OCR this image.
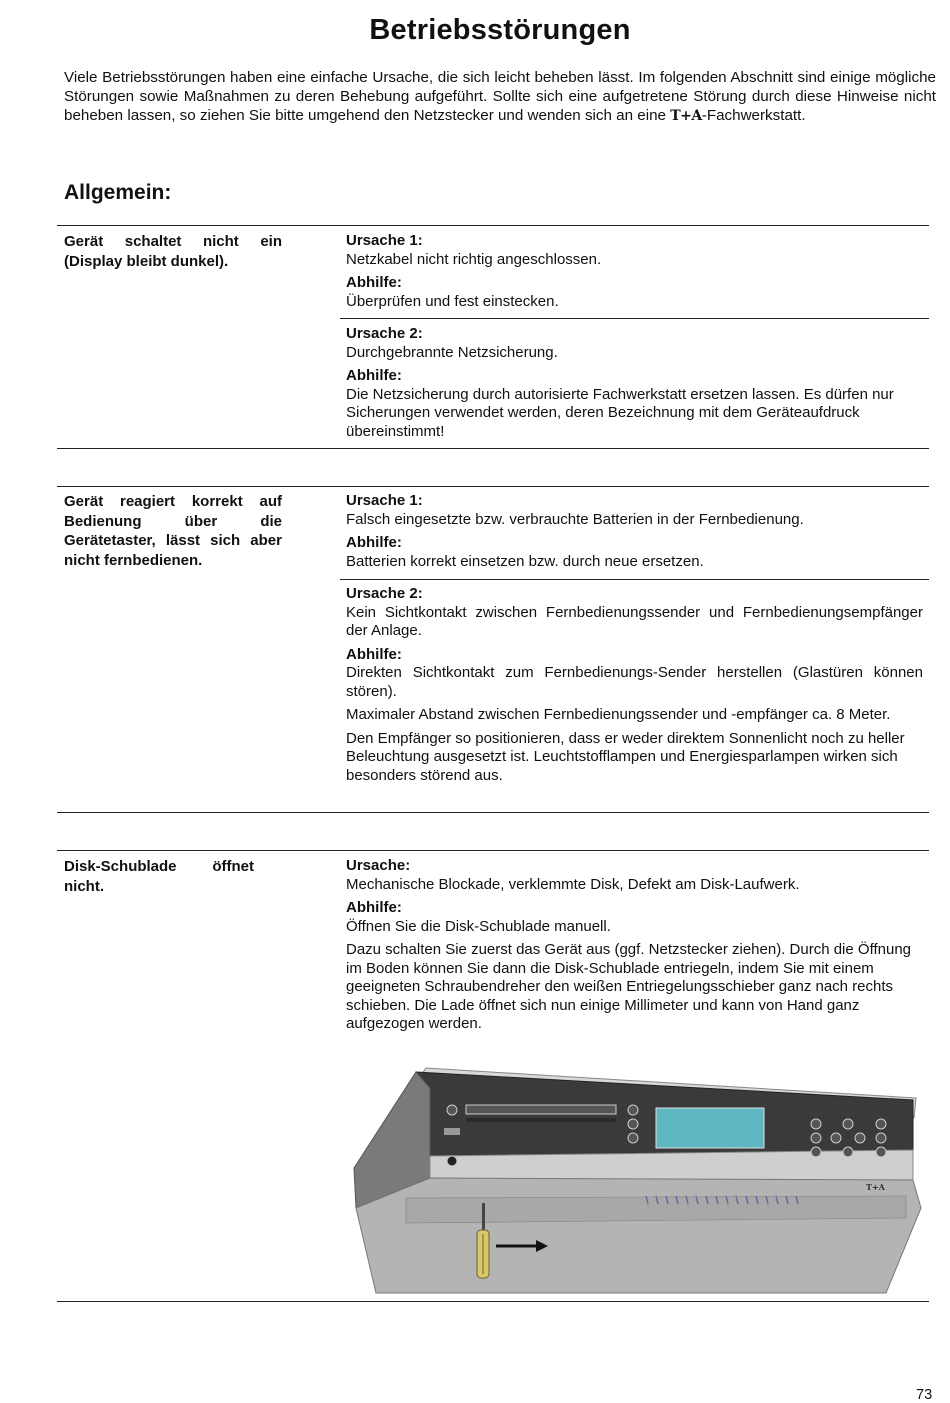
Betriebsstörungen
Viele Betriebsstörungen haben eine einfache Ursache, die sich leicht beheben lässt. Im folgenden Abschnitt sind einige mögliche Störungen sowie Maßnahmen zu deren Behebung aufgeführt. Sollte sich eine aufgetretene Störung durch diese Hinweise nicht beheben lassen, so ziehen Sie bitte umgehend den Netzstecker und wenden sich an eine T+A-Fachwerkstatt.
Allgemein:
Gerät schaltet nicht ein (Display bleibt dunkel).
Ursache 1:
Netzkabel nicht richtig angeschlossen.
Abhilfe:
Überprüfen und fest einstecken.
Ursache 2:
Durchgebrannte Netzsicherung.
Abhilfe:
Die Netzsicherung durch autorisierte Fachwerkstatt ersetzen lassen. Es dürfen nur Sicherungen verwendet werden, deren Bezeichnung mit dem Geräteaufdruck übereinstimmt!
Gerät reagiert korrekt auf Bedienung über die Gerätetaster, lässt sich aber nicht fernbedienen.
Ursache 1:
Falsch eingesetzte bzw. verbrauchte Batterien in der Fernbedienung.
Abhilfe:
Batterien korrekt einsetzen bzw. durch neue ersetzen.
Ursache 2:
Kein Sichtkontakt zwischen Fernbedienungssender und Fernbedienungsempfänger der Anlage.
Abhilfe:
Direkten Sichtkontakt zum Fernbedienungs-Sender herstellen (Glastüren können stören).
Maximaler Abstand zwischen Fernbedienungssender und -empfänger ca. 8 Meter.
Den Empfänger so positionieren, dass er weder direktem Sonnenlicht noch zu heller Beleuchtung ausgesetzt ist. Leuchtstofflampen und Energiesparlampen wirken sich besonders störend aus.
Disk-Schublade öffnet nicht.
Ursache:
Mechanische Blockade, verklemmte Disk, Defekt am Disk-Laufwerk.
Abhilfe:
Öffnen Sie die Disk-Schublade manuell.
Dazu schalten Sie zuerst das Gerät aus (ggf. Netzstecker ziehen). Durch die Öffnung im Boden können Sie dann die Disk-Schublade entriegeln, indem Sie mit einem geeigneten Schraubendreher den weißen Entriegelungsschieber ganz nach rechts schieben. Die Lade öffnet sich nun einige Millimeter und kann von Hand ganz aufgezogen werden.
T+A
73
